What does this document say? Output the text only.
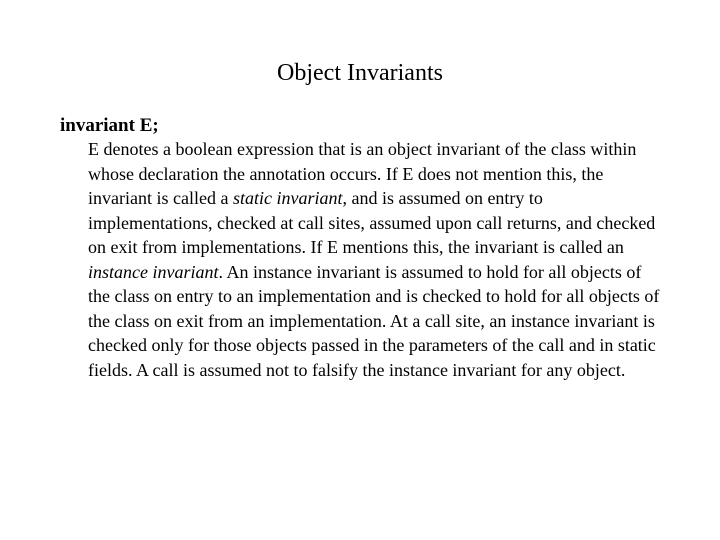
Object Invariants
invariant E;

E denotes a boolean expression that is an object invariant of the class within whose declaration the annotation occurs. If E does not mention this, the invariant is called a static invariant, and is assumed on entry to implementations, checked at call sites, assumed upon call returns, and checked on exit from implementations. If E mentions this, the invariant is called an instance invariant. An instance invariant is assumed to hold for all objects of the class on entry to an implementation and is checked to hold for all objects of the class on exit from an implementation. At a call site, an instance invariant is checked only for those objects passed in the parameters of the call and in static fields. A call is assumed not to falsify the instance invariant for any object.
